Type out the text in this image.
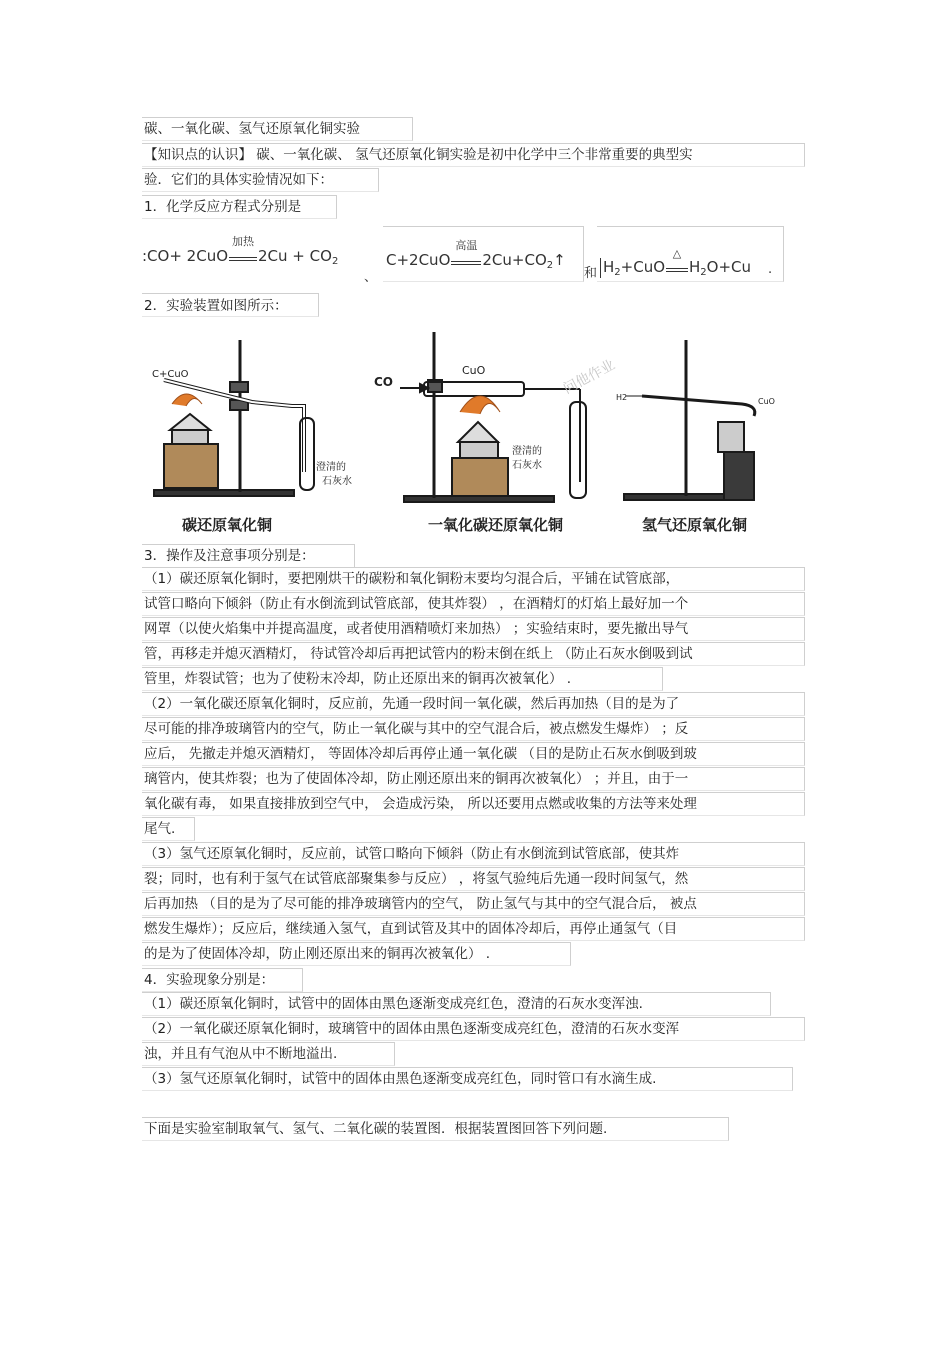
碳、一氧化碳、氢气还原氧化铜实验
【知识点的认识】 碳、一氧化碳、 氢气还原氧化铜实验是初中化学中三个非常重要的典型实
验．它们的具体实验情况如下：
1．化学反应方程式分别是
:CO+ 2CuO
加热
$2Cu + CO_2$
、
C+2CuO
高温
$2Cu+CO_2↑$
和 $H_2+CuO$
△
$H_2O+Cu$ .
2．实验装置如图所示：
C+CuO
CO
CuO
H2	CuO
澄清的
石灰水
澄清的
石灰水
问他作业
碳还原氧化铜	一氧化碳还原氧化铜	氢气还原氧化铜
3．操作及注意事项分别是：
（1）碳还原氧化铜时，要把刚烘干的碳粉和氧化铜粉末要均匀混合后，平铺在试管底部，
试管口略向下倾斜（防止有水倒流到试管底部，使其炸裂） ，在酒精灯的灯焰上最好加一个
网罩（以使火焰集中并提高温度，或者使用酒精喷灯来加热） ；实验结束时，要先撤出导气
管，再移走并熄灭酒精灯， 待试管冷却后再把试管内的粉末倒在纸上 （防止石灰水倒吸到试
管里，炸裂试管；也为了使粉末冷却，防止还原出来的铜再次被氧化） .
（2）一氧化碳还原氧化铜时，反应前，先通一段时间一氧化碳，然后再加热（目的是为了
尽可能的排净玻璃管内的空气，防止一氧化碳与其中的空气混合后，被点燃发生爆炸） ；反
应后， 先撤走并熄灭酒精灯， 等固体冷却后再停止通一氧化碳 （目的是防止石灰水倒吸到玻
璃管内，使其炸裂；也为了使固体冷却，防止刚还原出来的铜再次被氧化） ；并且，由于一
氧化碳有毒， 如果直接排放到空气中， 会造成污染， 所以还要用点燃或收集的方法等来处理
尾气.
（3）氢气还原氧化铜时，反应前，试管口略向下倾斜（防止有水倒流到试管底部，使其炸
裂；同时，也有利于氢气在试管底部聚集参与反应） ，将氢气验纯后先通一段时间氢气，然
后再加热 （目的是为了尽可能的排净玻璃管内的空气， 防止氢气与其中的空气混合后， 被点
燃发生爆炸）；反应后，继续通入氢气，直到试管及其中的固体冷却后，再停止通氢气（目
的是为了使固体冷却，防止刚还原出来的铜再次被氧化） .
4．实验现象分别是：
（1）碳还原氧化铜时，试管中的固体由黑色逐渐变成亮红色，澄清的石灰水变浑浊.
（2）一氧化碳还原氧化铜时，玻璃管中的固体由黑色逐渐变成亮红色，澄清的石灰水变浑
浊，并且有气泡从中不断地溢出.
（3）氢气还原氧化铜时，试管中的固体由黑色逐渐变成亮红色，同时管口有水滴生成.
下面是实验室制取氧气、氢气、二氧化碳的装置图．根据装置图回答下列问题.
